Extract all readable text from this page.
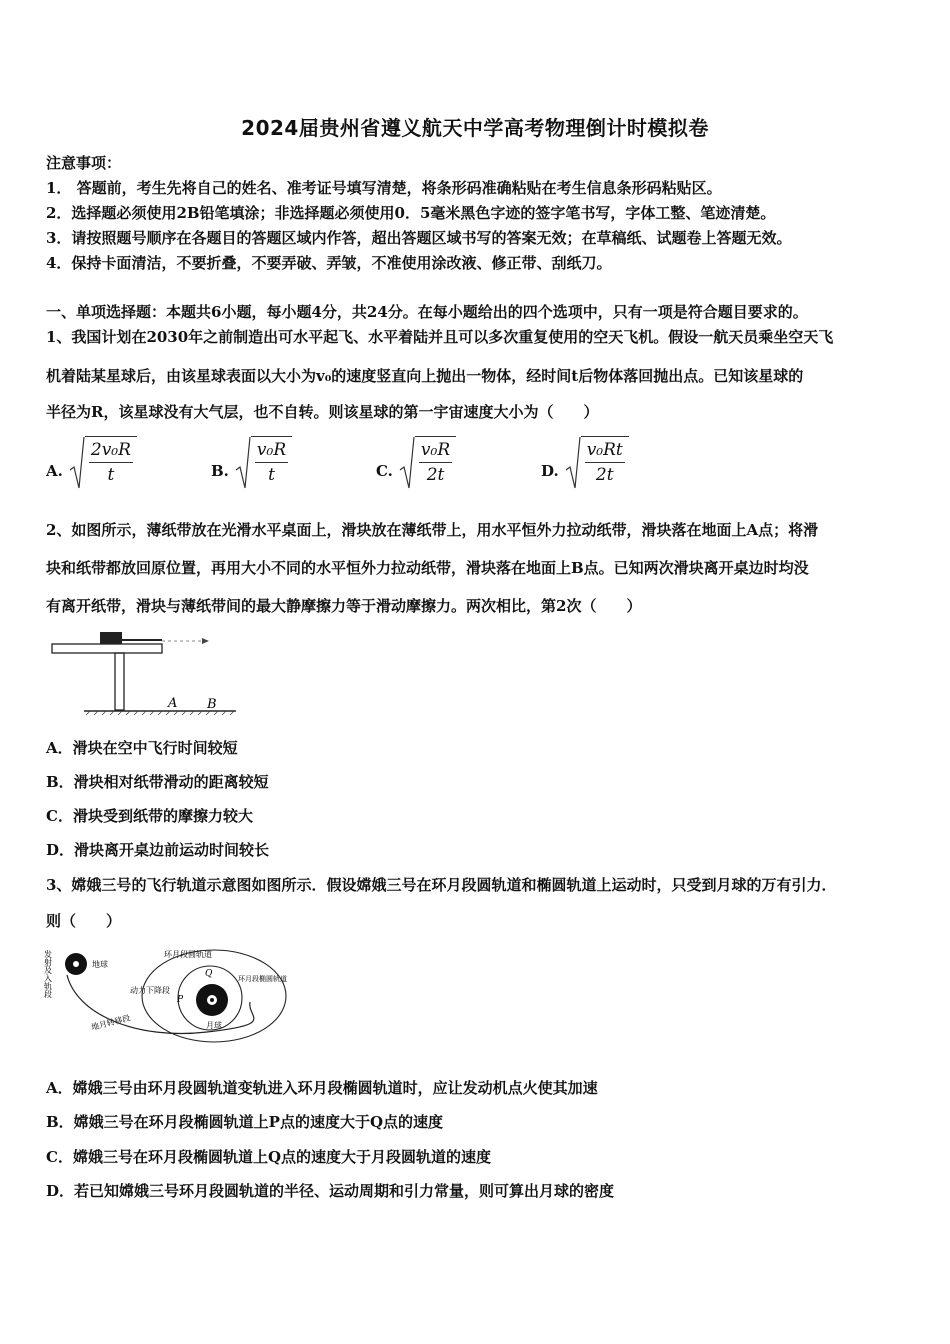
2024届贵州省遵义航天中学高考物理倒计时模拟卷
注意事项：
1． 答题前，考生先将自己的姓名、准考证号填写清楚，将条形码准确粘贴在考生信息条形码粘贴区。
2．选择题必须使用2B铅笔填涂；非选择题必须使用0．5毫米黑色字迹的签字笔书写，字体工整、笔迹清楚。
3．请按照题号顺序在各题目的答题区域内作答，超出答题区域书写的答案无效；在草稿纸、试题卷上答题无效。
4．保持卡面清洁，不要折叠，不要弄破、弄皱，不准使用涂改液、修正带、刮纸刀。
一、单项选择题：本题共6小题，每小题4分，共24分。在每小题给出的四个选项中，只有一项是符合题目要求的。
1、我国计划在2030年之前制造出可水平起飞、水平着陆并且可以多次重复使用的空天飞机。假设一航天员乘坐空天飞
机着陆某星球后，由该星球表面以大小为v₀的速度竖直向上抛出一物体，经时间t后物体落回抛出点。已知该星球的
半径为R，该星球没有大气层，也不自转。则该星球的第一宇宙速度大小为（　　）
A. $\frac{\text{2v₀R}}{t}$	B. $\frac{\text{v₀R}}{t}$	C. $\frac{\text{v₀R}}{2t}$	D. $\frac{\text{v₀Rt}}{2t}$
2、如图所示，薄纸带放在光滑水平桌面上，滑块放在薄纸带上，用水平恒外力拉动纸带，滑块落在地面上A点；将滑
块和纸带都放回原位置，再用大小不同的水平恒外力拉动纸带，滑块落在地面上B点。已知两次滑块离开桌边时均没
有离开纸带，滑块与薄纸带间的最大静摩擦力等于滑动摩擦力。两次相比，第2次（　　）
A B
A．滑块在空中飞行时间较短
B．滑块相对纸带滑动的距离较短
C．滑块受到纸带的摩擦力较大
D．滑块离开桌边前运动时间较长
3、嫦娥三号的飞行轨道示意图如图所示．假设嫦娥三号在环月段圆轨道和椭圆轨道上运动时，只受到月球的万有引力．
则（　　）
发射及入轨段	地球
地月转移段
环月段圆轨道
环月段椭圆轨道
动力下降段
Q
P
月球
A．嫦娥三号由环月段圆轨道变轨进入环月段椭圆轨道时，应让发动机点火使其加速
B．嫦娥三号在环月段椭圆轨道上P点的速度大于Q点的速度
C．嫦娥三号在环月段椭圆轨道上Q点的速度大于月段圆轨道的速度
D．若已知嫦娥三号环月段圆轨道的半径、运动周期和引力常量，则可算出月球的密度
